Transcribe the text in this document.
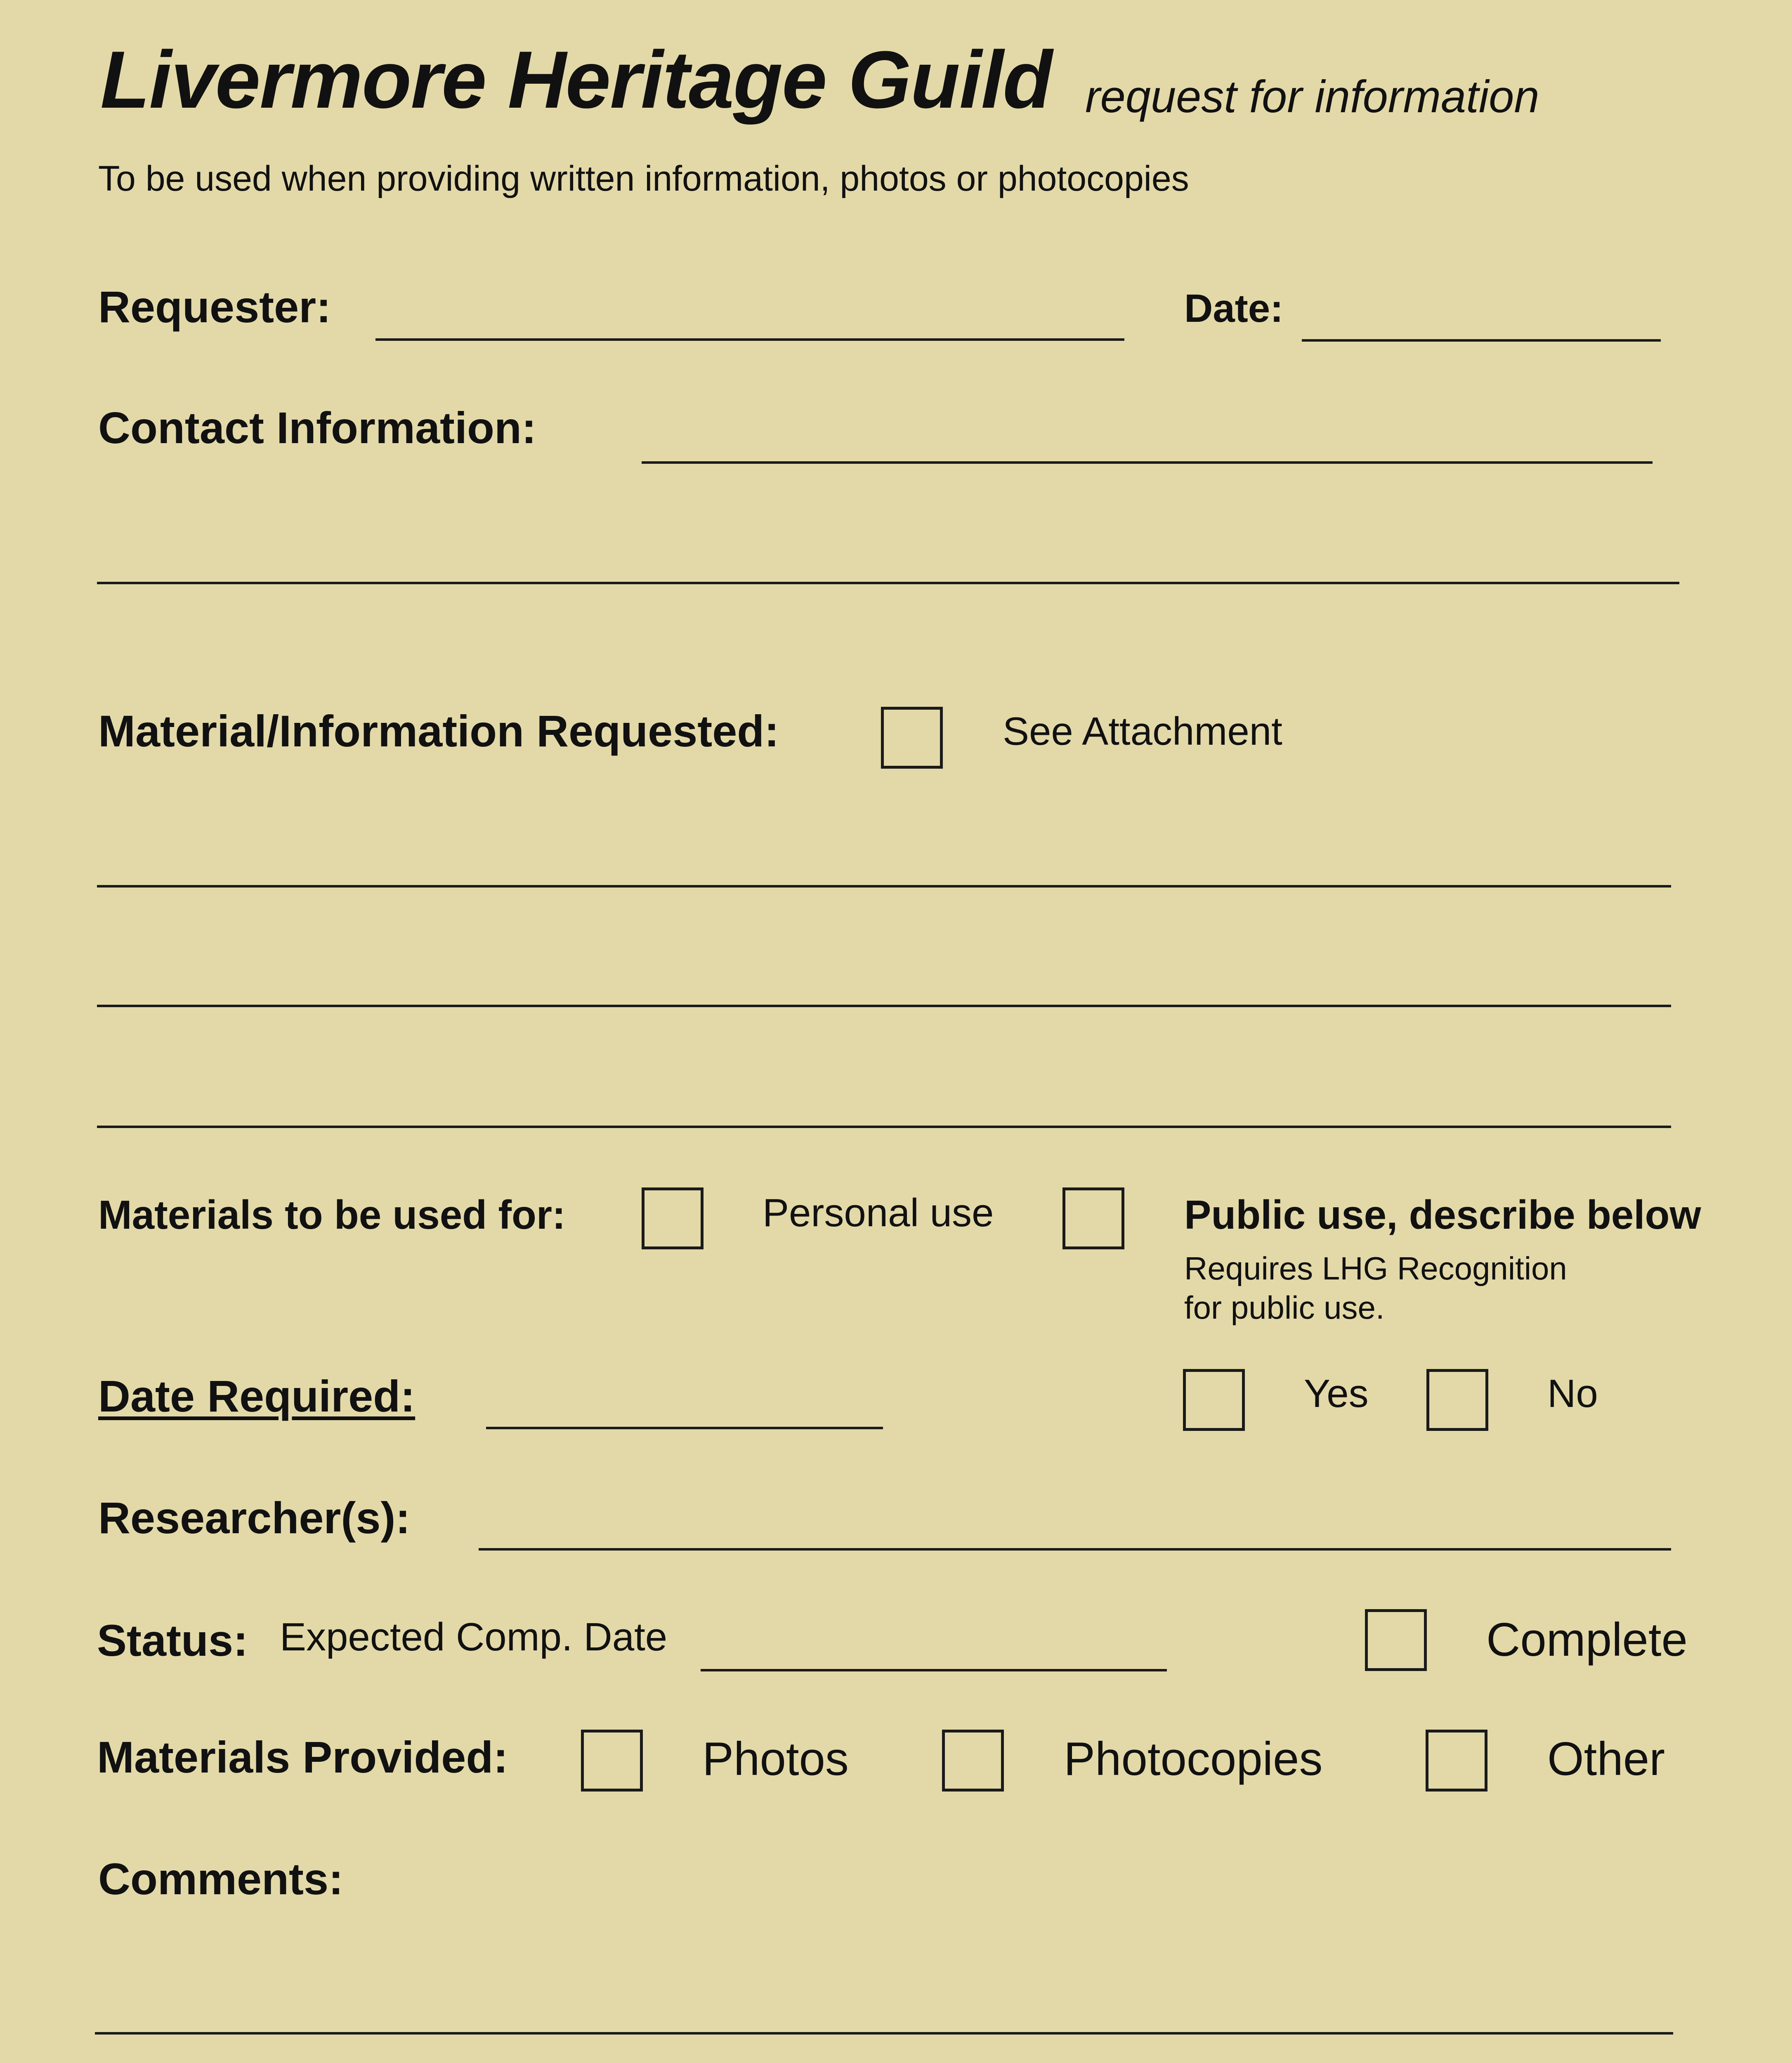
Livermore Heritage Guild request for information
To be used when providing written information, photos or photocopies
Requester:	Date:
Contact Information:
Material/Information Requested:	See Attachment
Materials to be used for:	Personal use	Public use, describe below
Requires LHG Recognition
for public use.
Date Required:	Yes	No
Researcher(s):
Status: Expected Comp. Date	Complete
Materials Provided:	Photos	Photocopies	Other
Comments:
